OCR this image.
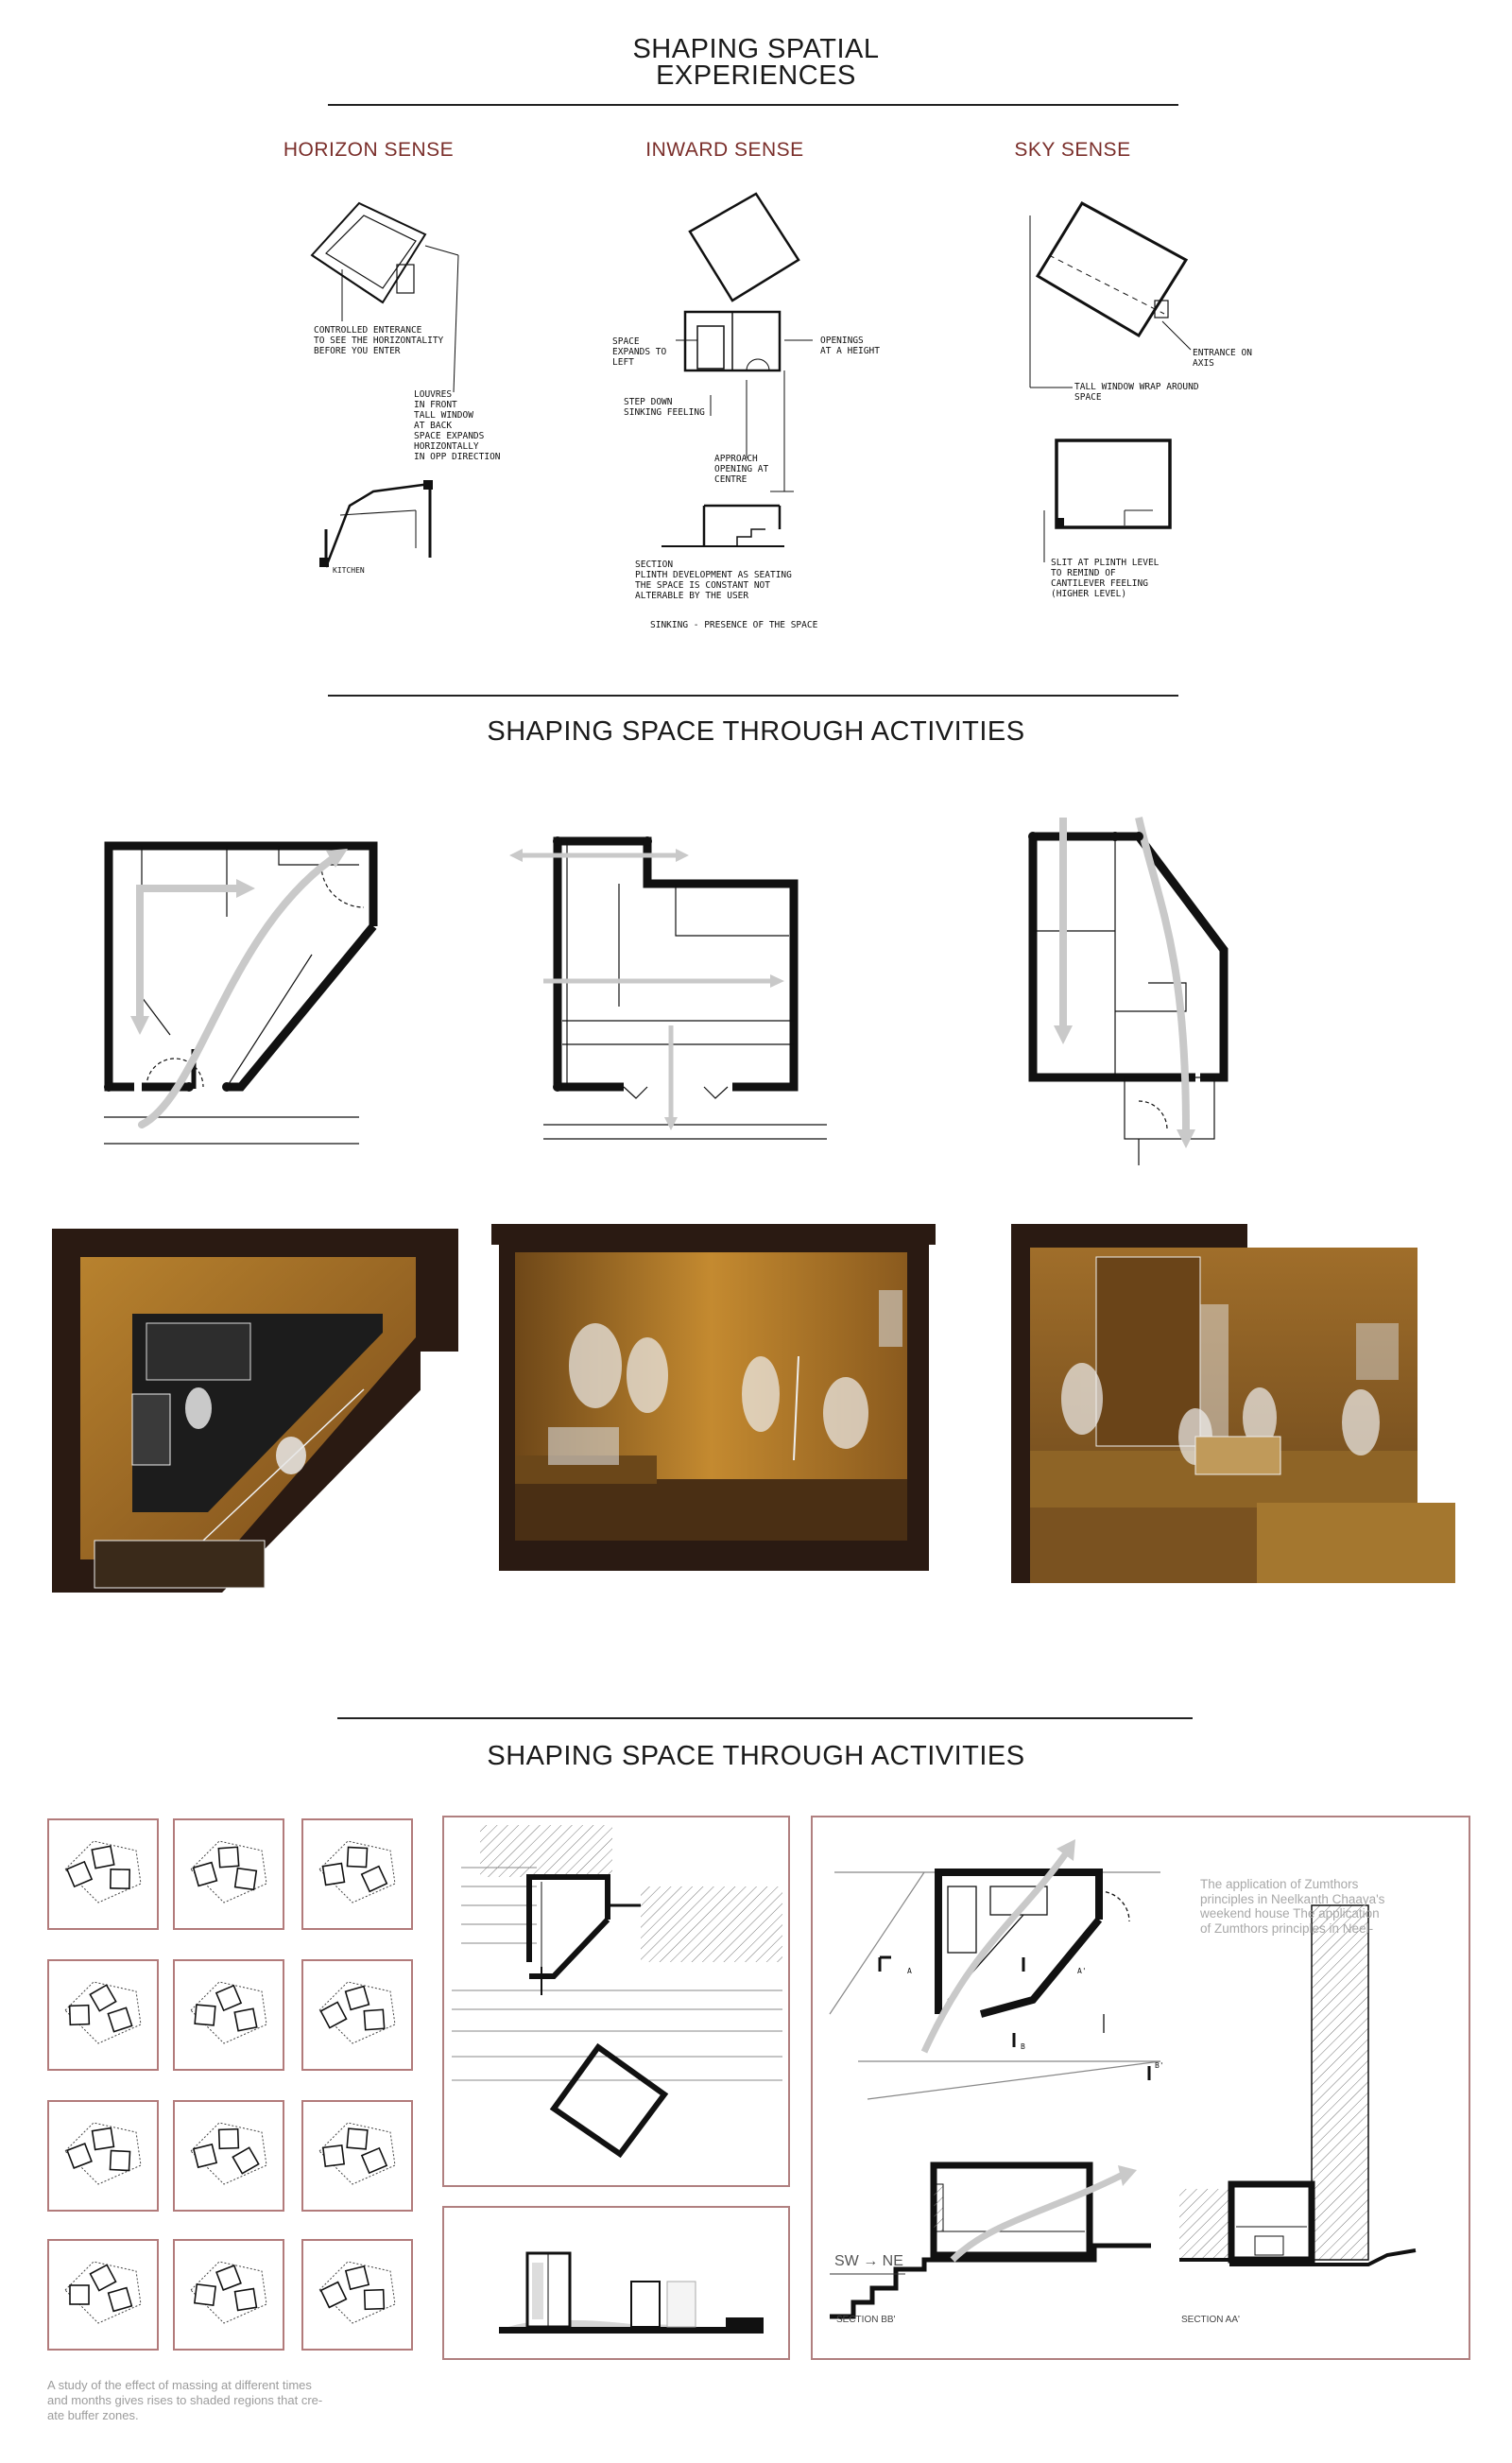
SHAPING SPATIAL
EXPERIENCES
HORIZON SENSE	INWARD SENSE	SKY SENSE
CONTROLLED ENTERANCE
TO SEE THE HORIZONTALITY
BEFORE YOU ENTER
LOUVRES
IN FRONT
TALL WINDOW
AT BACK
SPACE EXPANDS
HORIZONTALLY
IN OPP DIRECTION
KITCHEN
SPACE
EXPANDS TO
LEFT
OPENINGS
AT A HEIGHT
STEP DOWN
SINKING FEELING
APPROACH
OPENING AT
CENTRE
SECTION
PLINTH DEVELOPMENT AS SEATING
THE SPACE IS CONSTANT NOT
ALTERABLE BY THE USER
SINKING - PRESENCE OF THE SPACE
ENTRANCE ON
AXIS
TALL WINDOW WRAP AROUND
SPACE
SLIT AT PLINTH LEVEL
TO REMIND OF
CANTILEVER FEELING
(HIGHER LEVEL)
SHAPING SPACE THROUGH ACTIVITIES
SHAPING SPACE THROUGH ACTIVITIES
A study of the effect of massing at different times
and months gives rises to shaded regions that cre-
ate buffer zones.
SW → NE
SECTION BB'	SECTION AA'
A	A'
B
B'
The application of Zumthors
principles in Neelkanth Chaaya's
weekend house The application
of Zumthors principles in Neel-
